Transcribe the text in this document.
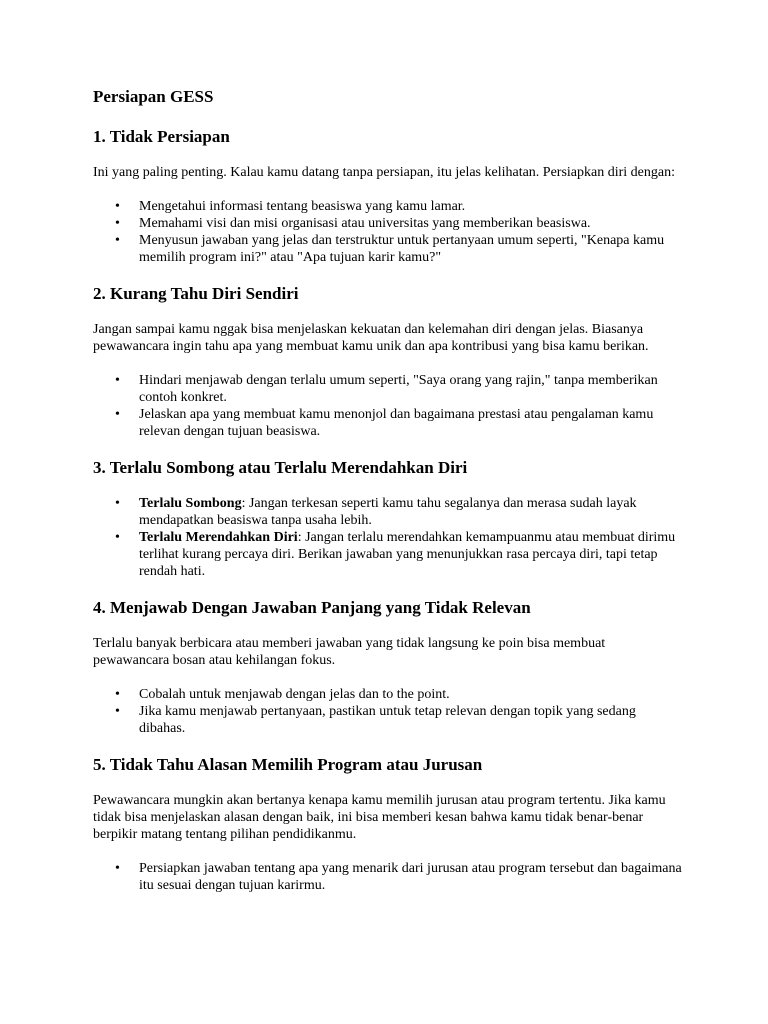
Persiapan GESS
1. Tidak Persiapan

Ini yang paling penting. Kalau kamu datang tanpa persiapan, itu jelas kelihatan. Persiapkan diri dengan:

• Mengetahui informasi tentang beasiswa yang kamu lamar.
• Memahami visi dan misi organisasi atau universitas yang memberikan beasiswa.
• Menyusun jawaban yang jelas dan terstruktur untuk pertanyaan umum seperti, "Kenapa kamu memilih program ini?" atau "Apa tujuan karir kamu?"
2. Kurang Tahu Diri Sendiri

Jangan sampai kamu nggak bisa menjelaskan kekuatan dan kelemahan diri dengan jelas. Biasanya pewawancara ingin tahu apa yang membuat kamu unik dan apa kontribusi yang bisa kamu berikan.

• Hindari menjawab dengan terlalu umum seperti, "Saya orang yang rajin," tanpa memberikan contoh konkret.
• Jelaskan apa yang membuat kamu menonjol dan bagaimana prestasi atau pengalaman kamu relevan dengan tujuan beasiswa.
3. Terlalu Sombong atau Terlalu Merendahkan Diri
• Terlalu Sombong: Jangan terkesan seperti kamu tahu segalanya dan merasa sudah layak mendapatkan beasiswa tanpa usaha lebih.
• Terlalu Merendahkan Diri: Jangan terlalu merendahkan kemampuanmu atau membuat dirimu terlihat kurang percaya diri. Berikan jawaban yang menunjukkan rasa percaya diri, tapi tetap rendah hati.
4. Menjawab Dengan Jawaban Panjang yang Tidak Relevan

Terlalu banyak berbicara atau memberi jawaban yang tidak langsung ke poin bisa membuat pewawancara bosan atau kehilangan fokus.

• Cobalah untuk menjawab dengan jelas dan to the point.
• Jika kamu menjawab pertanyaan, pastikan untuk tetap relevan dengan topik yang sedang dibahas.
5. Tidak Tahu Alasan Memilih Program atau Jurusan

Pewawancara mungkin akan bertanya kenapa kamu memilih jurusan atau program tertentu. Jika kamu tidak bisa menjelaskan alasan dengan baik, ini bisa memberi kesan bahwa kamu tidak benar-benar berpikir matang tentang pilihan pendidikanmu.

• Persiapkan jawaban tentang apa yang menarik dari jurusan atau program tersebut dan bagaimana itu sesuai dengan tujuan karirmu.
